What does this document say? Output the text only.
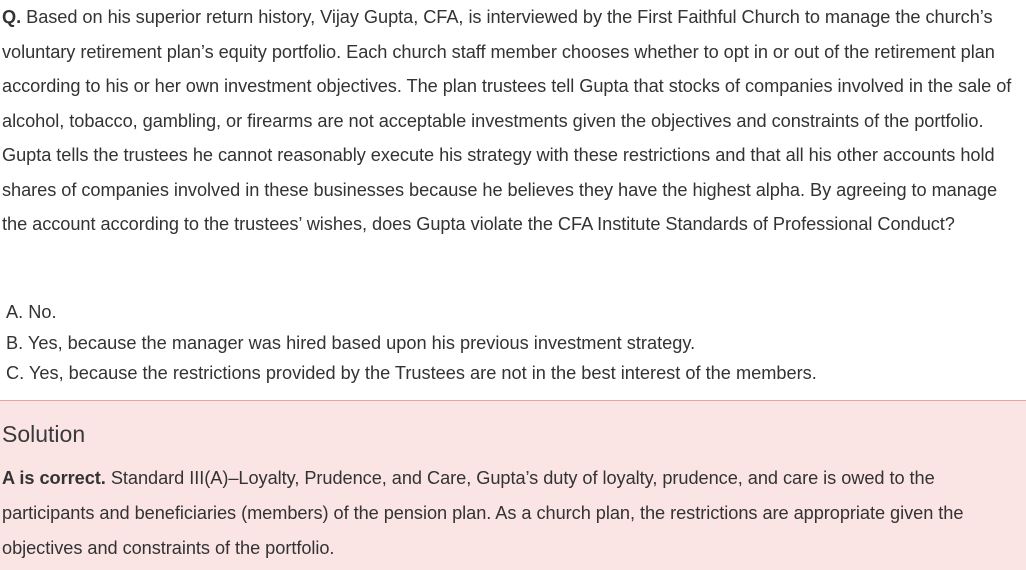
Q. Based on his superior return history, Vijay Gupta, CFA, is interviewed by the First Faithful Church to manage the church’s voluntary retirement plan’s equity portfolio. Each church staff member chooses whether to opt in or out of the retirement plan according to his or her own investment objectives. The plan trustees tell Gupta that stocks of companies involved in the sale of alcohol, tobacco, gambling, or firearms are not acceptable investments given the objectives and constraints of the portfolio. Gupta tells the trustees he cannot reasonably execute his strategy with these restrictions and that all his other accounts hold shares of companies involved in these businesses because he believes they have the highest alpha. By agreeing to manage the account according to the trustees’ wishes, does Gupta violate the CFA Institute Standards of Professional Conduct?
A. No.
B. Yes, because the manager was hired based upon his previous investment strategy.
C. Yes, because the restrictions provided by the Trustees are not in the best interest of the members.
Solution
A is correct. Standard III(A)–Loyalty, Prudence, and Care, Gupta’s duty of loyalty, prudence, and care is owed to the participants and beneficiaries (members) of the pension plan. As a church plan, the restrictions are appropriate given the objectives and constraints of the portfolio.
